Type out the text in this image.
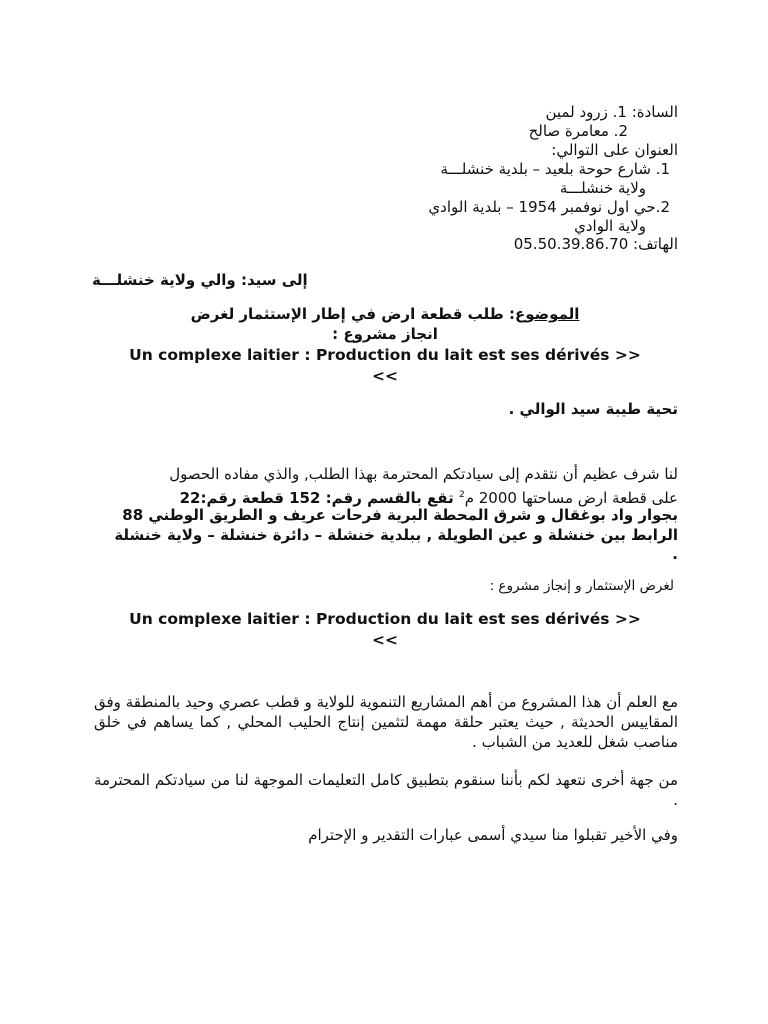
السادة: 1. زرود لمين
2. معامرة صالح
العنوان على التوالي:
1. شارع حوحة بلعيد – بلدية خنشلـــة
ولاية خنشلـــة
2.حي اول نوفمبر 1954 – بلدية الوادي
ولاية الوادي
الهاتف: 05.50.39.86.70
إلى سيد: والي ولاية خنشلـــة
الموضوع: طلب قطعة ارض في إطار الإستثمار لغرض
انجاز مشروع :
Un complexe laitier : Production du lait est ses dérivés >>
<<
تحية طيبة سيد الوالي .
لنا شرف عظيم أن نتقدم إلى سيادتكم المحترمة بهذا الطلب, والذي مفاده الحصول
على قطعة ارض مساحتها 2000 م$^2$ تقع بالقسم رقم: 152 قطعة رقم:22
بجوار واد بوغقال و شرق المحطة البرية فرحات عريف و الطريق الوطني 88
الرابط بين خنشلة و عين الطويلة , ببلدية خنشلة – دائرة خنشلة – ولاية خنشلة
.
لغرض الإستثمار و إنجاز مشروع :
Un complexe laitier : Production du lait est ses dérivés >>
<<
مع العلم أن هذا المشروع من أهم المشاريع التنموية للولاية و قطب عصري وحيد بالمنطقة وفق المقاييس الحديثة , حيث يعتبر حلقة مهمة لتثمين إنتاج الحليب المحلي , كما يساهم في خلق مناصب شغل للعديد من الشباب .
من جهة أخرى نتعهد لكم بأننا سنقوم بتطبيق كامل التعليمات الموجهة لنا من سيادتكم المحترمة .
وفي الأخير تقبلوا منا سيدي أسمى عبارات التقدير و الإحترام
